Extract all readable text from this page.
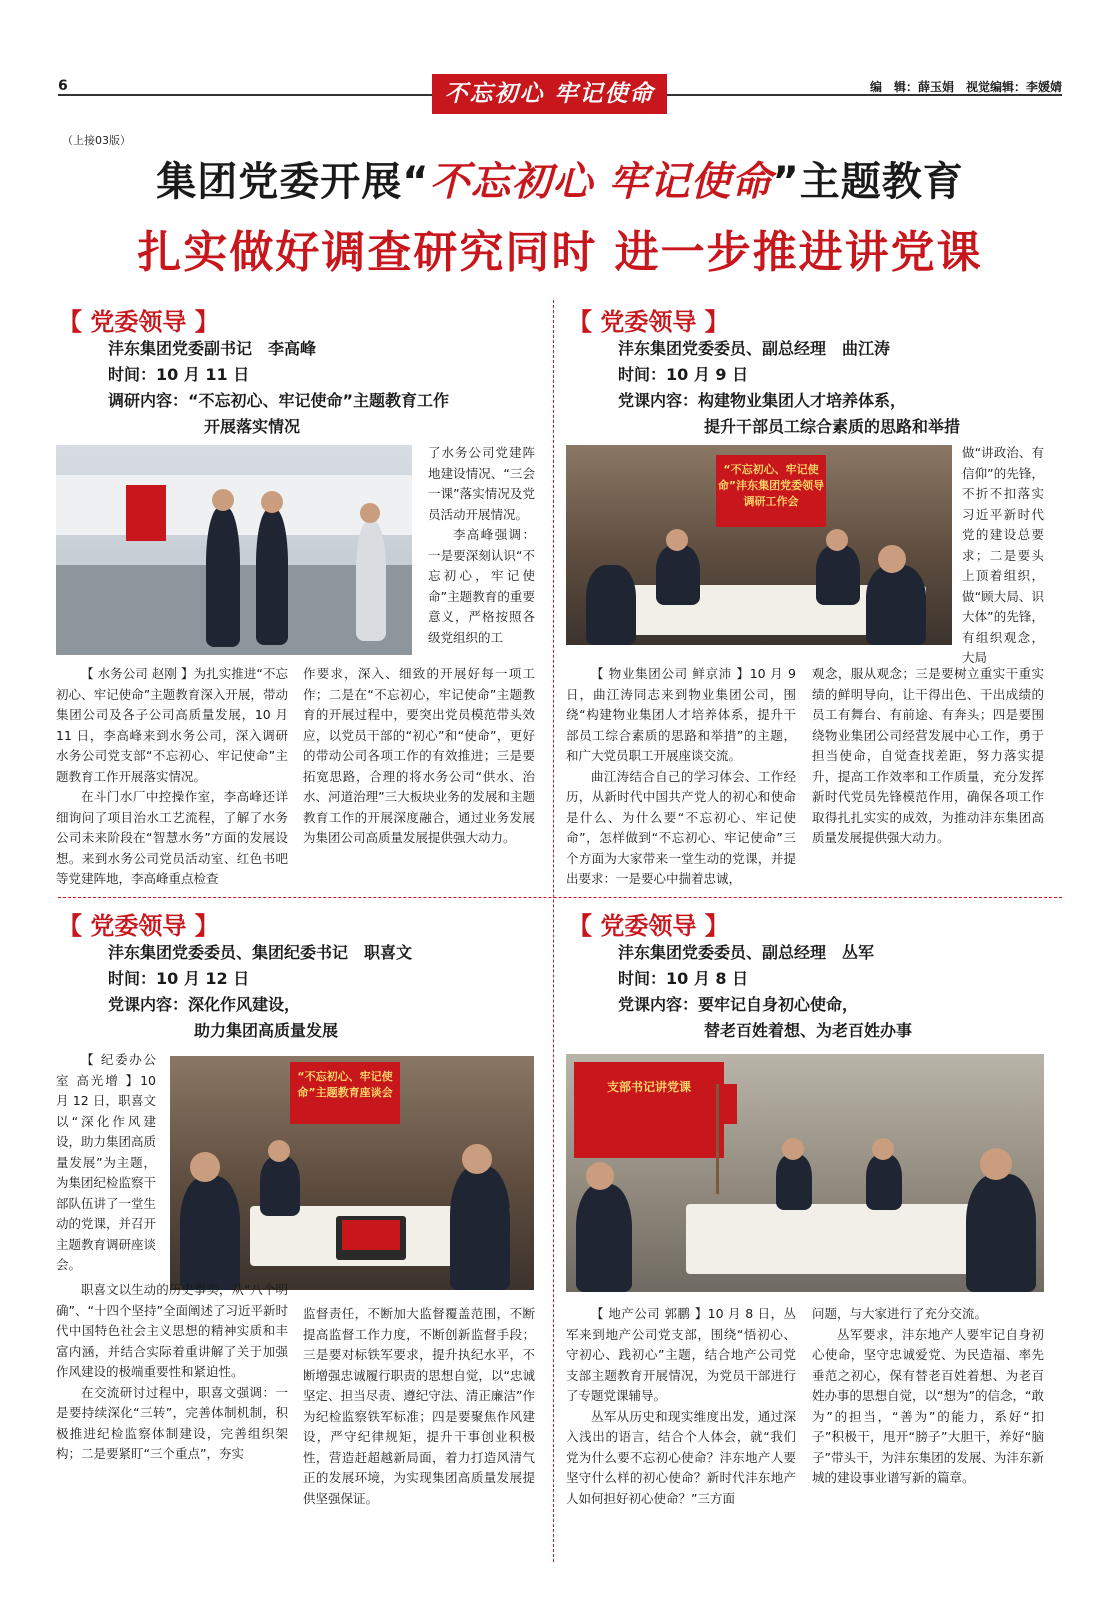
6	不忘初心 牢记使命	编　辑：薛玉娟　视觉编辑：李媛婧
（上接03版）
集团党委开展“不忘初心 牢记使命”主题教育
扎实做好调查研究同时 进一步推进讲党课
【 党委领导 】
沣东集团党委副书记　李高峰
时间：10 月 11 日
调研内容：“不忘初心、牢记使命”主题教育工作
开展落实情况

了水务公司党建阵地建设情况、“三会一课”落实情况及党员活动开展情况。

李高峰强调：一是要深刻认识“不忘初心，牢记使命”主题教育的重要意义，严格按照各级党组织的工

【 水务公司 赵刚 】为扎实推进“不忘初心、牢记使命”主题教育深入开展，带动集团公司及各子公司高质量发展，10 月 11 日，李高峰来到水务公司，深入调研水务公司党支部“不忘初心、牢记使命”主题教育工作开展落实情况。

在斗门水厂中控操作室，李高峰还详细询问了项目治水工艺流程，了解了水务公司未来阶段在“智慧水务”方面的发展设想。来到水务公司党员活动室、红色书吧等党建阵地，李高峰重点检查

作要求，深入、细致的开展好每一项工作；二是在“不忘初心，牢记使命”主题教育的开展过程中，要突出党员模范带头效应，以党员干部的“初心”和“使命”，更好的带动公司各项工作的有效推进；三是要拓宽思路，合理的将水务公司“供水、治水、河道治理”三大板块业务的发展和主题教育工作的开展深度融合，通过业务发展为集团公司高质量发展提供强大动力。

【 党委领导 】
沣东集团党委委员、副总经理　曲江涛
时间：10 月 9 日
党课内容：构建物业集团人才培养体系，
提升干部员工综合素质的思路和举措
“不忘初心、牢记使命”沣东集团党委领导调研工作会

做“讲政治、有信仰”的先锋，不折不扣落实习近平新时代党的建设总要求；二是要头上顶着组织，做“顾大局、识大体”的先锋，有组织观念，大局

【 物业集团公司 鲜京沛 】10 月 9 日，曲江涛同志来到物业集团公司，围绕“构建物业集团人才培养体系，提升干部员工综合素质的思路和举措”的主题，和广大党员职工开展座谈交流。

曲江涛结合自己的学习体会、工作经历，从新时代中国共产党人的初心和使命是什么、为什么要“不忘初心、牢记使命”，怎样做到“不忘初心、牢记使命”三个方面为大家带来一堂生动的党课，并提出要求：一是要心中揣着忠诚，

观念，服从观念；三是要树立重实干重实绩的鲜明导向，让干得出色、干出成绩的员工有舞台、有前途、有奔头；四是要围绕物业集团公司经营发展中心工作，勇于担当使命，自觉查找差距，努力落实提升，提高工作效率和工作质量，充分发挥新时代党员先锋模范作用，确保各项工作取得扎扎实实的成效，为推动沣东集团高质量发展提供强大动力。

【 党委领导 】
沣东集团党委委员、集团纪委书记　职喜文
时间：10 月 12 日
党课内容：深化作风建设，
助力集团高质量发展

【 纪委办公室 高光增 】10 月 12 日，职喜文以“深化作风建设，助力集团高质量发展”为主题，为集团纪检监察干部队伍讲了一堂生动的党课，并召开主题教育调研座谈会。

“不忘初心、牢记使命”主题教育座谈会

职喜文以生动的历史事实，从“八个明确”、“十四个坚持”全面阐述了习近平新时代中国特色社会主义思想的精神实质和丰富内涵，并结合实际着重讲解了关于加强作风建设的极端重要性和紧迫性。

在交流研讨过程中，职喜文强调：一是要持续深化“三转”，完善体制机制，积极推进纪检监察体制建设，完善组织架构；二是要紧盯“三个重点”，夯实

监督责任，不断加大监督覆盖范围，不断提高监督工作力度，不断创新监督手段；三是要对标铁军要求，提升执纪水平，不断增强忠诚履行职责的思想自觉，以“忠诚坚定、担当尽责、遵纪守法、清正廉洁”作为纪检监察铁军标准；四是要聚焦作风建设，严守纪律规矩，提升干事创业积极性，营造赶超越新局面，着力打造风清气正的发展环境，为实现集团高质量发展提供坚强保证。

【 党委领导 】
沣东集团党委委员、副总经理　丛军
时间：10 月 8 日
党课内容：要牢记自身初心使命，
替老百姓着想、为老百姓办事
支部书记讲党课

【 地产公司 郭鹏 】10 月 8 日，丛军来到地产公司党支部，围绕“悟初心、守初心、践初心”主题，结合地产公司党支部主题教育开展情况，为党员干部进行了专题党课辅导。

丛军从历史和现实维度出发，通过深入浅出的语言，结合个人体会，就“我们党为什么要不忘初心使命？沣东地产人要坚守什么样的初心使命？新时代沣东地产人如何担好初心使命？”三方面

问题，与大家进行了充分交流。

丛军要求，沣东地产人要牢记自身初心使命，坚守忠诚爱党、为民造福、率先垂范之初心，保有替老百姓着想、为老百姓办事的思想自觉，以“想为”的信念，“敢为”的担当，“善为”的能力，系好“扣子”积极干，甩开“膀子”大胆干，养好“脑子”带头干，为沣东集团的发展、为沣东新城的建设事业谱写新的篇章。
